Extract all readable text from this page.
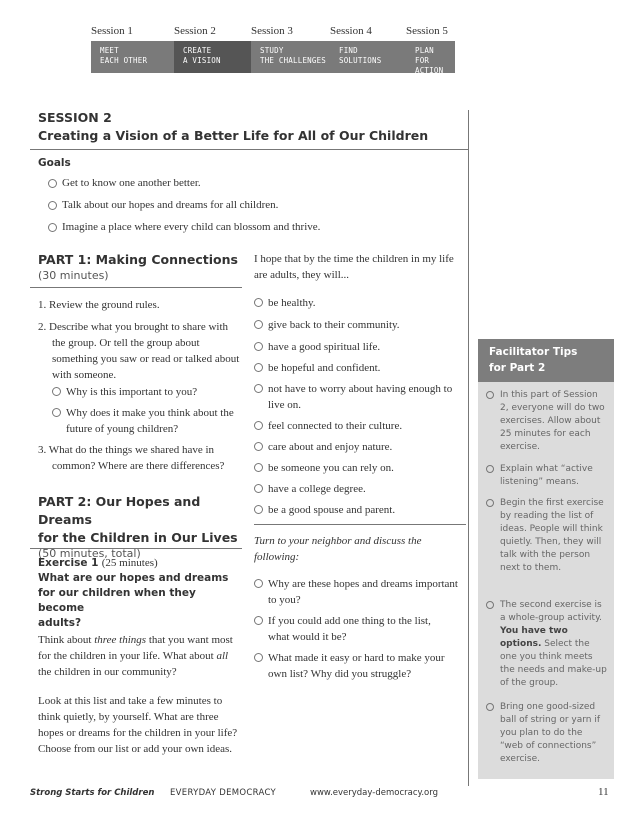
Session 1
MEET
EACH OTHER
Session 2
CREATE
A VISION
Session 3
STUDY
THE CHALLENGES
Session 4
FIND
SOLUTIONS
Session 5
PLAN
FOR ACTION
SESSION 2
Creating a Vision of a Better Life for All of Our Children
Goals
Get to know one another better.
Talk about our hopes and dreams for all children.
Imagine a place where every child can blossom and thrive.
PART 1: Making Connections
(30 minutes)
1. Review the ground rules.
2. Describe what you brought to share with the group. Or tell the group about something you saw or read or talked about with someone.
Why is this important to you?
Why does it make you think about the future of young children?
3. What do the things we shared have in common? Where are there differences?
PART 2: Our Hopes and Dreams
for the Children in Our Lives
(50 minutes, total)
Exercise 1 (25 minutes)
What are our hopes and dreams
for our children when they become
adults?
Think about three things that you want most for the children in your life. What about all the children in our community?
Look at this list and take a few minutes to think quietly, by yourself. What are three hopes or dreams for the children in your life? Choose from our list or add your own ideas.
I hope that by the time the children in my life are adults, they will...
be healthy.
give back to their community.
have a good spiritual life.
be hopeful and confident.
not have to worry about having enough to live on.
feel connected to their culture.
care about and enjoy nature.
be someone you can rely on.
have a college degree.
be a good spouse and parent.
Turn to your neighbor and discuss the following:
Why are these hopes and dreams important to you?
If you could add one thing to the list, what would it be?
What made it easy or hard to make your own list? Why did you struggle?
Facilitator Tips
for Part 2
In this part of Session 2, everyone will do two exercises. Allow about 25 minutes for each exercise.
Explain what “active listening” means.
Begin the first exercise by reading the list of ideas. People will think quietly. Then, they will talk with the person next to them.
The second exercise is a whole-group activity. You have two options. Select the one you think meets the needs and make-up of the group.
Bring one good-sized ball of string or yarn if you plan to do the “web of connections” exercise.
Strong Starts for Children EVERYDAY DEMOCRACY	www.everyday-democracy.org	11
